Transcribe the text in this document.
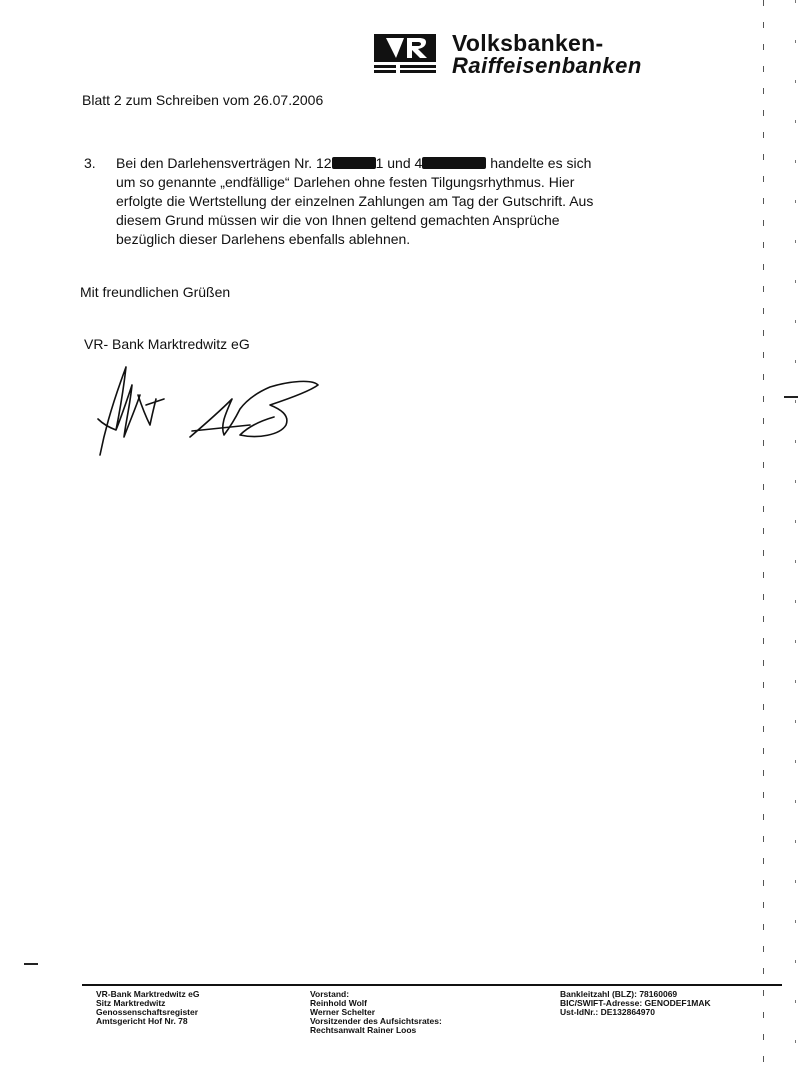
Volksbanken-
Raiffeisenbanken
Blatt 2 zum Schreiben vom 26.07.2006
3. Bei den Darlehensverträgen Nr. 12	1 und 4	handelte es sich
um so genannte „endfällige“ Darlehen ohne festen Tilgungsrhythmus. Hier
erfolgte die Wertstellung der einzelnen Zahlungen am Tag der Gutschrift. Aus
diesem Grund müssen wir die von Ihnen geltend gemachten Ansprüche
bezüglich dieser Darlehens ebenfalls ablehnen.
Mit freundlichen Grüßen
VR- Bank Marktredwitz eG
VR-Bank Marktredwitz eG
Sitz Marktredwitz
Genossenschaftsregister
Amtsgericht Hof Nr. 78
Vorstand:
Reinhold Wolf
Werner Schelter
Vorsitzender des Aufsichtsrates:
Rechtsanwalt Rainer Loos
Bankleitzahl (BLZ): 78160069
BIC/SWIFT-Adresse: GENODEF1MAK
Ust-IdNr.: DE132864970
